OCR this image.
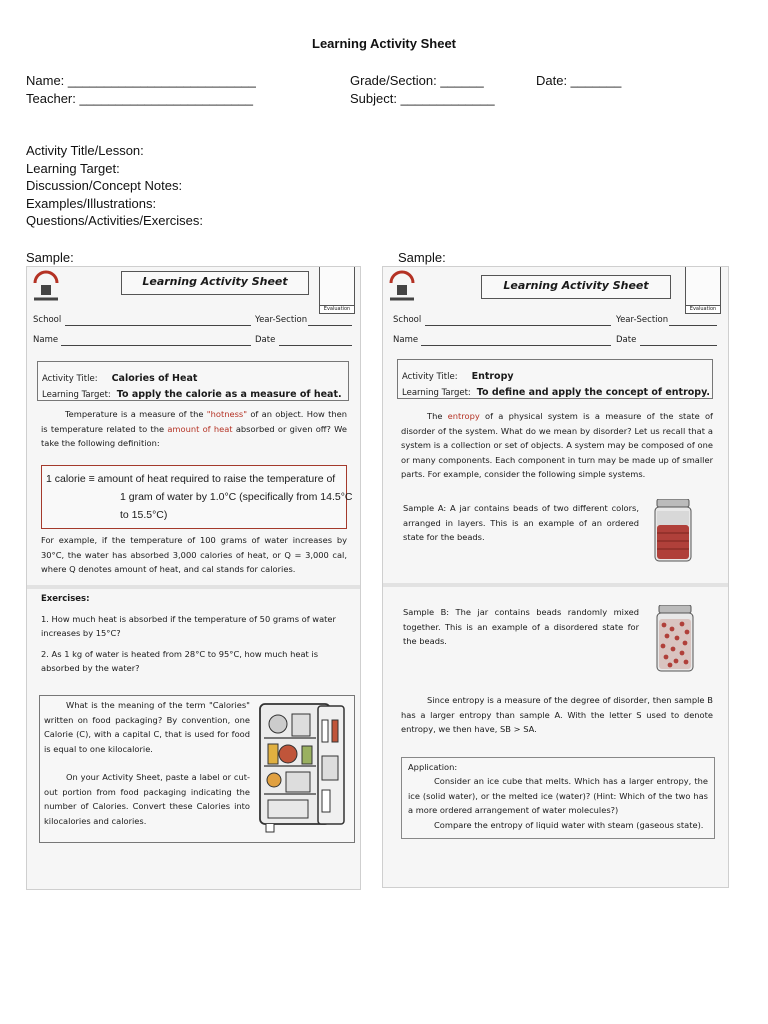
Learning Activity Sheet
Name: __________________________
Teacher: ________________________
Grade/Section: ______	Date: _______
Subject: _____________
Activity Title/Lesson:
Learning Target:
Discussion/Concept Notes:
Examples/Illustrations:
Questions/Activities/Exercises:
Sample:	Sample:
Learning Activity Sheet
Evaluation
School	Year-Section
Name	Date
Activity Title: Calories of Heat
Learning Target: To apply the calorie as a measure of heat.
Temperature is a measure of the "hotness" of an object. How then is temperature related to the amount of heat absorbed or given off? We take the following definition:
1 calorie ≡ amount of heat required to raise the temperature of
1 gram of water by 1.0°C (specifically from 14.5°C
to 15.5°C)
For example, if the temperature of 100 grams of water increases by 30°C, the water has absorbed 3,000 calories of heat, or Q = 3,000 cal, where Q denotes amount of heat, and cal stands for calories.
Exercises:
1. How much heat is absorbed if the temperature of 50 grams of water increases by 15°C?
2. As 1 kg of water is heated from 28°C to 95°C, how much heat is absorbed by the water?
What is the meaning of the term "Calories" written on food packaging? By convention, one Calorie (C), with a capital C, that is used for food is equal to one kilocalorie.
On your Activity Sheet, paste a label or cut-out portion from food packaging indicating the number of Calories. Convert these Calories into kilocalories and calories.
Learning Activity Sheet
Evaluation
School	Year-Section
Name	Date
Activity Title: Entropy
Learning Target: To define and apply the concept of entropy.
The entropy of a physical system is a measure of the state of disorder of the system. What do we mean by disorder? Let us recall that a system is a collection or set of objects. A system may be composed of one or many components. Each component in turn may be made up of smaller parts. For example, consider the following simple systems.
Sample A: A jar contains beads of two different colors, arranged in layers. This is an example of an ordered state for the beads.
Sample B: The jar contains beads randomly mixed together. This is an example of a disordered state for the beads.
Since entropy is a measure of the degree of disorder, then sample B has a larger entropy than sample A. With the letter S used to denote entropy, we then have, SB > SA.
Application:
Consider an ice cube that melts. Which has a larger entropy, the ice (solid water), or the melted ice (water)? (Hint: Which of the two has a more ordered arrangement of water molecules?)
Compare the entropy of liquid water with steam (gaseous state).
